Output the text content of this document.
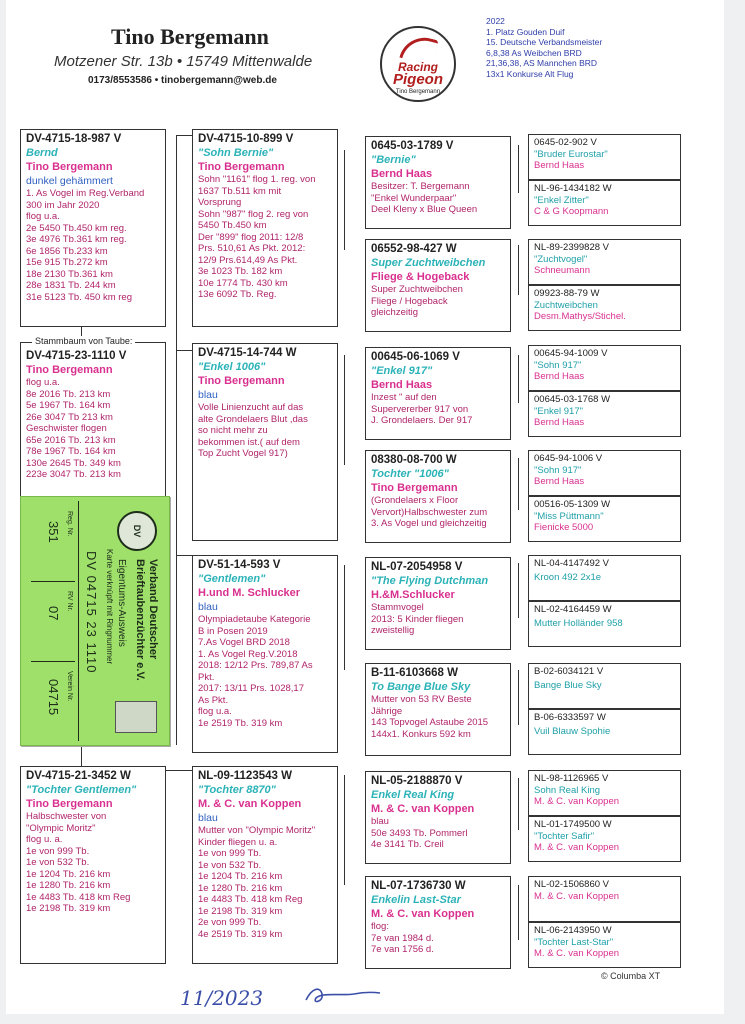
Tino Bergemann
Motzener Str. 13b • 15749 Mittenwalde
0173/8553586 • tinobergemann@web.de
Racing
Pigeon
Tino Bergemann
2022
1. Platz Gouden Duif
15. Deutsche Verbandsmeister
6,8,38 As Weibchen BRD
21,36,38, AS Mannchen BRD
13x1 Konkurse Alt Flug
DV-4715-18-987 V
Bernd
Tino Bergemann
dunkel gehämmert
1. As Vogel im Reg.Verband
300 im Jahr 2020
flog u.a.
2e 5450 Tb.450 km reg.
3e 4976 Tb.361 km reg.
6e 1856 Tb.233 km
15e 915 Tb.272 km
18e 2130 Tb.361 km
28e 1831 Tb. 244 km
31e 5123 Tb. 450 km reg
DV-4715-23-1110 V
Tino Bergemann
flog u.a.
8e 2016 Tb. 213 km
5e 1967 Tb. 164 km
26e 3047 Tb 213 km
Geschwister flogen
65e 2016 Tb. 213 km
78e 1967 Tb. 164 km
130e 2645 Tb. 349 km
223e 3047 Tb. 213 km
Stammbaum von Taube:
DV
Verband Deutscher
Brieftaubenzüchter e.V.
Eigentums-Ausweis
Karte verknüpft mit Ringnummer
DV 04715 23 1110
Reg. Nr.
351
RV Nr.
07
Verein Nr.
04715
DV-4715-21-3452 W
"Tochter Gentlemen"
Tino Bergemann
Halbschwester von
"Olympic Moritz"
flog u. a.
1e von 999 Tb.
1e von 532 Tb.
1e 1204 Tb. 216 km
1e 1280 Tb. 216 km
1e 4483 Tb. 418 km Reg
1e 2198 Tb. 319 km
DV-4715-10-899 V
"Sohn Bernie"
Tino Bergemann
Sohn "1161" flog 1. reg. von
1637 Tb.511 km mit
Vorsprung
Sohn "987" flog 2. reg von
5450 Tb.450 km
Der "899" flog 2011: 12/8
Prs. 510,61 As Pkt. 2012:
12/9 Prs.614,49 As Pkt.
3e 1023 Tb. 182 km
10e 1774 Tb. 430 km
13e 6092 Tb. Reg.
DV-4715-14-744 W
"Enkel 1006"
Tino Bergemann
blau
Volle Linienzucht auf das
alte Grondelaers Blut ,das
so nicht mehr zu
bekommen ist.( auf dem
Top Zucht Vogel 917)
DV-51-14-593 V
"Gentlemen"
H.und M. Schlucker
blau
Olympiadetaube Kategorie
B in Posen 2019
7.As Vogel BRD 2018
1. As Vogel Reg.V.2018
2018: 12/12 Prs. 789,87 As
Pkt.
2017: 13/11 Prs. 1028,17
As Pkt.
flog u.a.
1e 2519 Tb. 319 km
NL-09-1123543 W
"Tochter 8870"
M. & C. van Koppen
blau
Mutter von "Olympic Moritz"
Kinder fliegen u. a.
1e von 999 Tb.
1e von 532 Tb.
1e 1204 Tb. 216 km
1e 1280 Tb. 216 km
1e 4483 Tb. 418 km Reg
1e 2198 Tb. 319 km
2e von 999 Tb.
4e 2519 Tb. 319 km
0645-03-1789 V
"Bernie"
Bernd Haas
Besitzer: T. Bergemann
"Enkel Wunderpaar"
Deel Kleny x Blue Queen
06552-98-427 W
Super Zuchtweibchen
Fliege & Hogeback
Super Zuchtweibchen
Fliege / Hogeback
gleichzeitig
00645-06-1069 V
"Enkel 917"
Bernd Haas
Inzest " auf den
Supervererber 917 von
J. Grondelaers. Der 917
08380-08-700 W
Tochter "1006"
Tino Bergemann
(Grondelaers x Floor
Vervort)Halbschwester zum
3. As Vogel und gleichzeitig
NL-07-2054958 V
"The Flying Dutchman
H.&M.Schlucker
Stammvogel
2013: 5 Kinder fliegen
zweistellig
B-11-6103668 W
To Bange Blue Sky
Mutter von 53 RV Beste
Jährige
143 Topvogel Astaube 2015
144x1. Konkurs 592 km
NL-05-2188870 V
Enkel Real King
M. & C. van Koppen
blau
50e 3493 Tb. Pommerl
4e 3141 Tb. Creil
NL-07-1736730 W
Enkelin Last-Star
M. & C. van Koppen
flog:
7e van 1984 d.
7e van 1756 d.
0645-02-902 V
"Bruder Eurostar"
Bernd Haas
NL-96-1434182 W
"Enkel Zitter"
C & G Koopmann
NL-89-2399828 V
"Zuchtvogel"
Schneumann
09923-88-79 W
Zuchtweibchen
Desm.Mathys/Stichel.
00645-94-1009 V
"Sohn 917"
Bernd Haas
00645-03-1768 W
"Enkel 917"
Bernd Haas
0645-94-1006 V
"Sohn 917"
Bernd Haas
00516-05-1309 W
"Miss Püttmann"
Fienicke 5000
NL-04-4147492 V
Kroon 492 2x1e
NL-02-4164459 W
Mutter Holländer 958
B-02-6034121 V
Bange Blue Sky
B-06-6333597 W
Vuil Blauw Spohie
NL-98-1126965 V
Sohn Real King
M. & C. van Koppen
NL-01-1749500 W
"Tochter Safir"
M. & C. van Koppen
NL-02-1506860 V
M. & C. van Koppen
NL-06-2143950 W
"Tochter Last-Star"
M. & C. van Koppen
© Columba XT
11/2023
